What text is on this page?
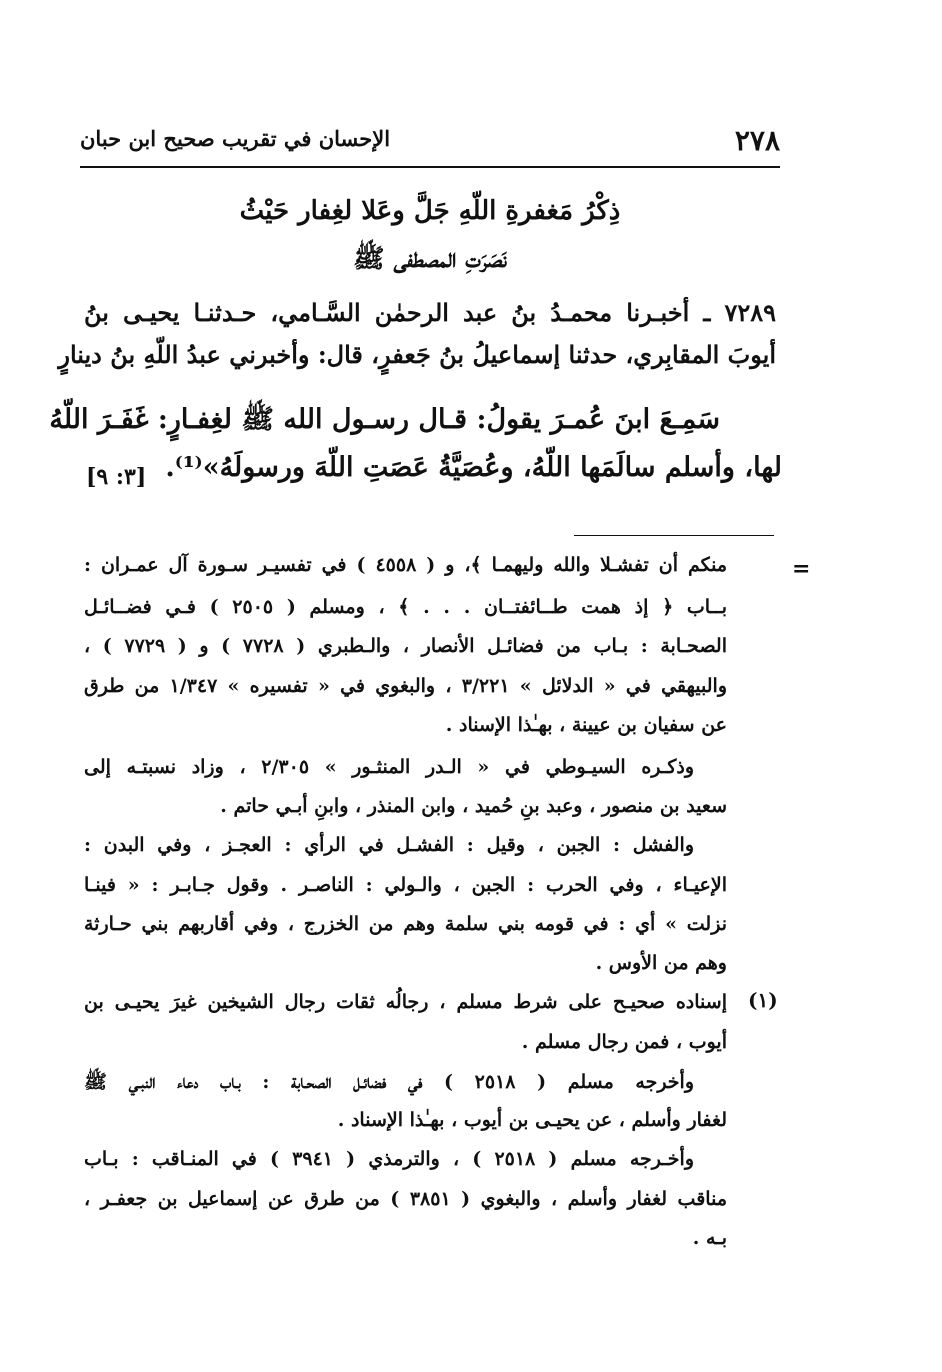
٢٧٨
الإحسان في تقريب صحيح ابن حبان
ذِكْرُ مَغفرةِ اللّهِ جَلَّ وعَلا لغِفار حَيْثُ
نَصَرَتِ المصطفى ﷺ
٧٢٨٩ ـ أخبـرنا محمـدُ بنُ عبد الرحمٰن السَّـامي، حـدثنـا يحيـى بنُ
أيوبَ المقابِري، حدثنا إسماعيلُ بنُ جَعفرٍ، قال: وأخبرني عبدُ اللّهِ بنُ دينارٍ
سَمِـعَ ابنَ عُمـرَ يقولُ: قـال رسـول الله ﷺ لغِفـارٍ: غَفَـرَ اللّهُ
لها، وأسلم سالَمَها اللّهُ، وعُصَيَّةُ عَصَتِ اللّهَ ورسولَهُ»⁽¹⁾.
[٣: ٩]
=
(١)
منكم أن تفشـلا والله وليهمـا ﴾، و ( ٤٥٥٨ ) في تفسيـر سـورة آل عمـران :
بــاب ﴿ إذ همت طــائفتــان . . . ﴾ ، ومسلم ( ٢٥٠٥ ) فـي فضــائـل
الصحـابة : بـاب من فضائـل الأنصار ، والـطبري ( ٧٧٢٨ ) و ( ٧٧٢٩ ) ،
والبيهقي في « الدلائل » ٣/٢٢١ ، والبغوي في « تفسيره » ١/٣٤٧ من طرق
عن سفيان بن عيينة ، بهـٰذا الإسناد .
وذكـره السيـوطي في « الـدر المنثـور » ٢/٣٠٥ ، وزاد نسبتـه إلى
سعيد بن منصور ، وعبد بنِ حُميد ، وابن المنذر ، وابنِ أبـي حاتم .
والفشل : الجبن ، وقيل : الفشـل في الرأي : العجـز ، وفي البدن :
الإعيـاء ، وفي الحرب : الجبن ، والـولي : الناصـر . وقول جـابـر : « فينـا
نزلت » أي : في قومه بني سلمة وهم من الخزرج ، وفي أقاربهم بني حـارثة
وهم من الأوس .
إسناده صحيـح على شرط مسلم ، رجالُه ثقات رجال الشيخين غيرَ يحيـى بن
أيوب ، فمن رجال مسلم .
وأخرجه مسلم ( ٢٥١٨ ) في فضائـل الصحـابة : بـاب دعاء النبـي ﷺ
لغفار وأسلم ، عن يحيـى بن أيوب ، بهـٰذا الإسناد .
وأخـرجه مسلم ( ٢٥١٨ ) ، والترمذي ( ٣٩٤١ ) في المنـاقب : بـاب
مناقب لغفار وأسلم ، والبغوي ( ٣٨٥١ ) من طرق عن إسماعيل بن جعفـر ،
بـه .
